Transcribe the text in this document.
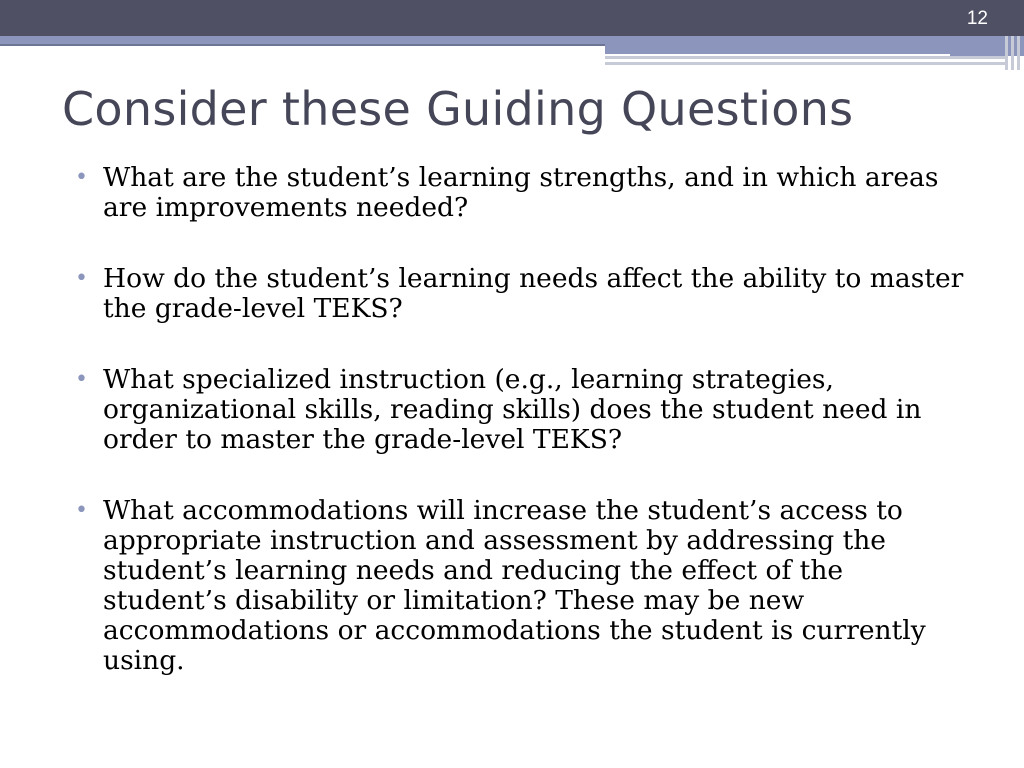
12
Consider these Guiding Questions
• What are the student’s learning strengths, and in which areas are improvements needed?
• How do the student’s learning needs affect the ability to master the grade-level TEKS?
• What specialized instruction (e.g., learning strategies, organizational skills, reading skills) does the student need in order to master the grade-level TEKS?
• What accommodations will increase the student’s access to appropriate instruction and assessment by addressing the student’s learning needs and reducing the effect of the student’s disability or limitation? These may be new accommodations or accommodations the student is currently using.
